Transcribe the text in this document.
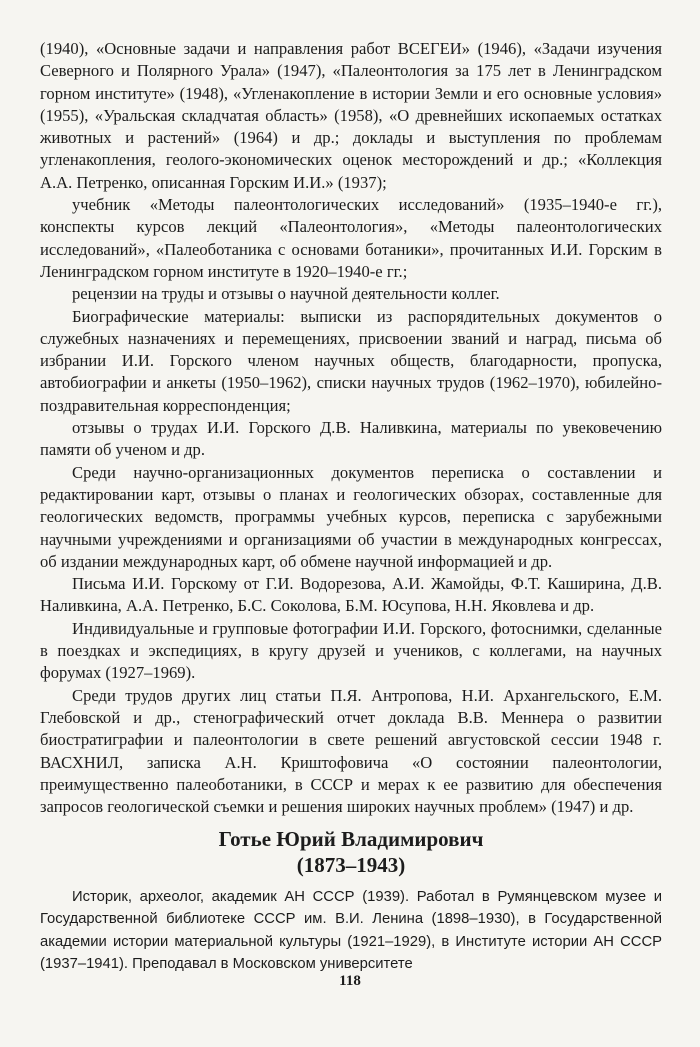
(1940), «Основные задачи и направления работ ВСЕГЕИ» (1946), «Задачи изучения Северного и Полярного Урала» (1947), «Палеонтология за 175 лет в Ленинградском горном институте» (1948), «Угленакопление в истории Земли и его основные условия» (1955), «Уральская складчатая область» (1958), «О древнейших ископаемых остатках животных и растений» (1964) и др.; доклады и выступления по проблемам угленакопления, геолого-экономических оценок месторождений и др.; «Коллекция А.А. Петренко, описанная Горским И.И.» (1937);

учебник «Методы палеонтологических исследований» (1935–1940-е гг.), конспекты курсов лекций «Палеонтология», «Методы палеонтологических исследований», «Палеоботаника с основами ботаники», прочитанных И.И. Горским в Ленинградском горном институте в 1920–1940-е гг.;

рецензии на труды и отзывы о научной деятельности коллег.

Биографические материалы: выписки из распорядительных документов о служебных назначениях и перемещениях, присвоении званий и наград, письма об избрании И.И. Горского членом научных обществ, благодарности, пропуска, автобиографии и анкеты (1950–1962), списки научных трудов (1962–1970), юбилейно-поздравительная корреспонденция;

отзывы о трудах И.И. Горского Д.В. Наливкина, материалы по увековечению памяти об ученом и др.

Среди научно-организационных документов переписка о составлении и редактировании карт, отзывы о планах и геологических обзорах, составленные для геологических ведомств, программы учебных курсов, переписка с зарубежными научными учреждениями и организациями об участии в международных конгрессах, об издании международных карт, об обмене научной информацией и др.

Письма И.И. Горскому от Г.И. Водорезова, А.И. Жамойды, Ф.Т. Каширина, Д.В. Наливкина, А.А. Петренко, Б.С. Соколова, Б.М. Юсупова, Н.Н. Яковлева и др.

Индивидуальные и групповые фотографии И.И. Горского, фотоснимки, сделанные в поездках и экспедициях, в кругу друзей и учеников, с коллегами, на научных форумах (1927–1969).

Среди трудов других лиц статьи П.Я. Антропова, Н.И. Архангельского, Е.М. Глебовской и др., стенографический отчет доклада В.В. Меннера о развитии биостратиграфии и палеонтологии в свете решений августовской сессии 1948 г. ВАСХНИЛ, записка А.Н. Криштофовича «О состоянии палеонтологии, преимущественно палеоботаники, в СССР и мерах к ее развитию для обеспечения запросов геологической съемки и решения широких научных проблем» (1947) и др.

Готье Юрий Владимирович
(1873–1943)

Историк, археолог, академик АН СССР (1939). Работал в Румянцевском музее и Государственной библиотеке СССР им. В.И. Ленина (1898–1930), в Государственной академии истории материальной культуры (1921–1929), в Институте истории АН СССР (1937–1941). Преподавал в Московском университете

118
